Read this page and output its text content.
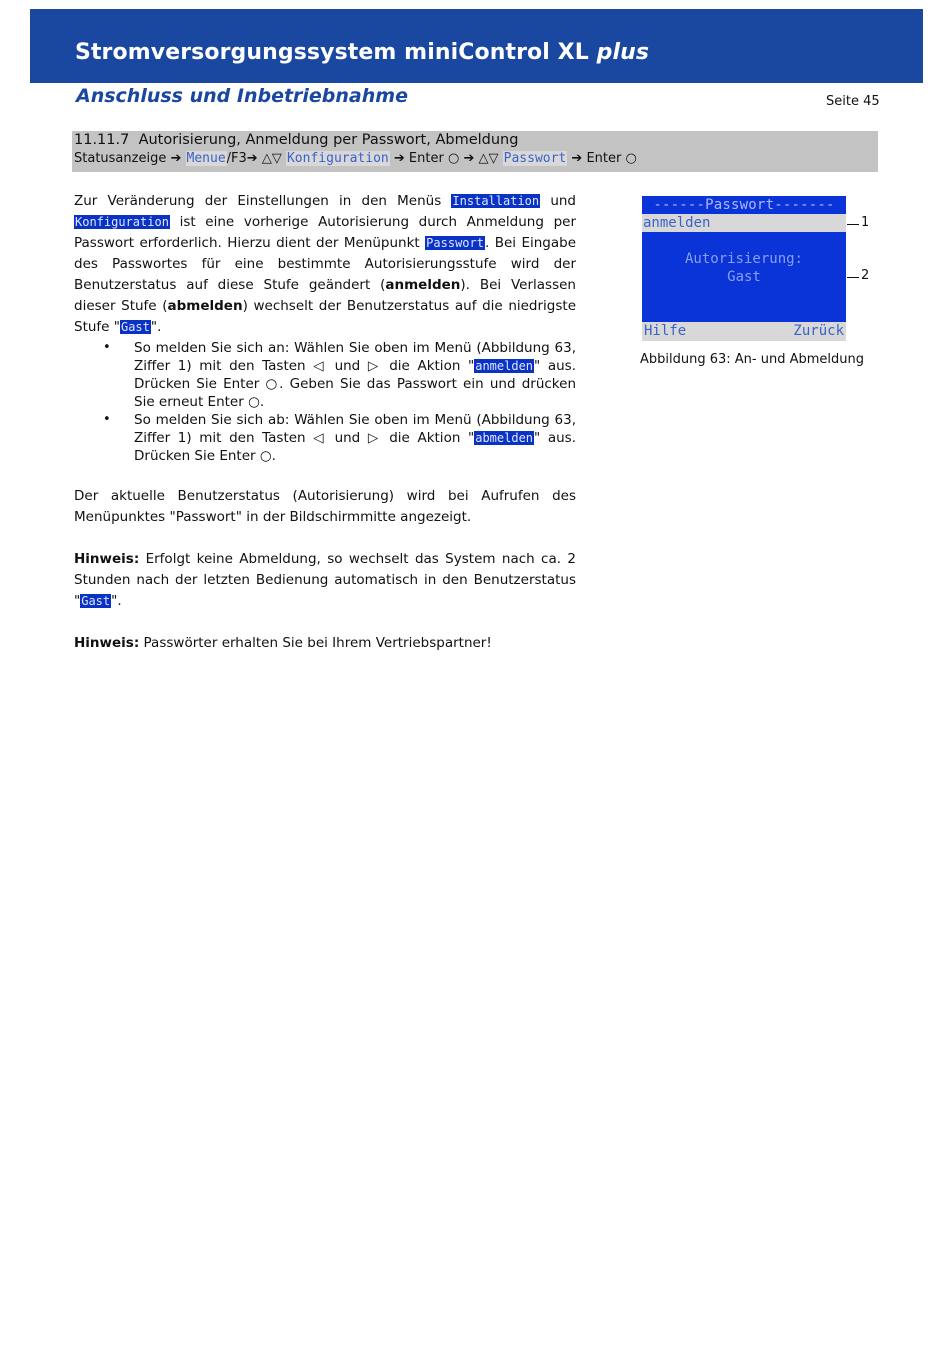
Stromversorgungssystem miniControl XL plus
Anschluss und Inbetriebnahme	Seite 45
11.11.7 Autorisierung, Anmeldung per Passwort, Abmeldung
Statusanzeige ➔ Menue/F3➔ △▽ Konfiguration ➔ Enter ○ ➔ △▽ Passwort ➔ Enter ○

Zur Veränderung der Einstellungen in den Menüs Installation und Konfiguration ist eine vorherige Autorisierung durch Anmeldung per Passwort erforderlich. Hierzu dient der Menüpunkt Passwort. Bei Eingabe des Passwortes für eine bestimmte Autorisierungsstufe wird der Benutzerstatus auf diese Stufe geändert (anmelden). Bei Verlassen dieser Stufe (abmelden) wechselt der Benutzerstatus auf die niedrigste Stufe "Gast".

•	So melden Sie sich an: Wählen Sie oben im Menü (Abbildung 63, Ziffer 1) mit den Tasten ◁ und ▷ die Aktion "anmelden" aus. Drücken Sie Enter ○. Geben Sie das Passwort ein und drücken Sie erneut Enter ○.
•	So melden Sie sich ab: Wählen Sie oben im Menü (Abbildung 63, Ziffer 1) mit den Tasten ◁ und ▷ die Aktion "abmelden" aus. Drücken Sie Enter ○.

Der aktuelle Benutzerstatus (Autorisierung) wird bei Aufrufen des Menüpunktes "Passwort" in der Bildschirmmitte angezeigt.

Hinweis: Erfolgt keine Abmeldung, so wechselt das System nach ca. 2 Stunden nach der letzten Bedienung automatisch in den Benutzerstatus "Gast".

Hinweis: Passwörter erhalten Sie bei Ihrem Vertriebspartner!

------Passwort-------
anmelden
Autorisierung:
Gast
Hilfe	Zurück
1
2
Abbildung 63: An- und Abmeldung
